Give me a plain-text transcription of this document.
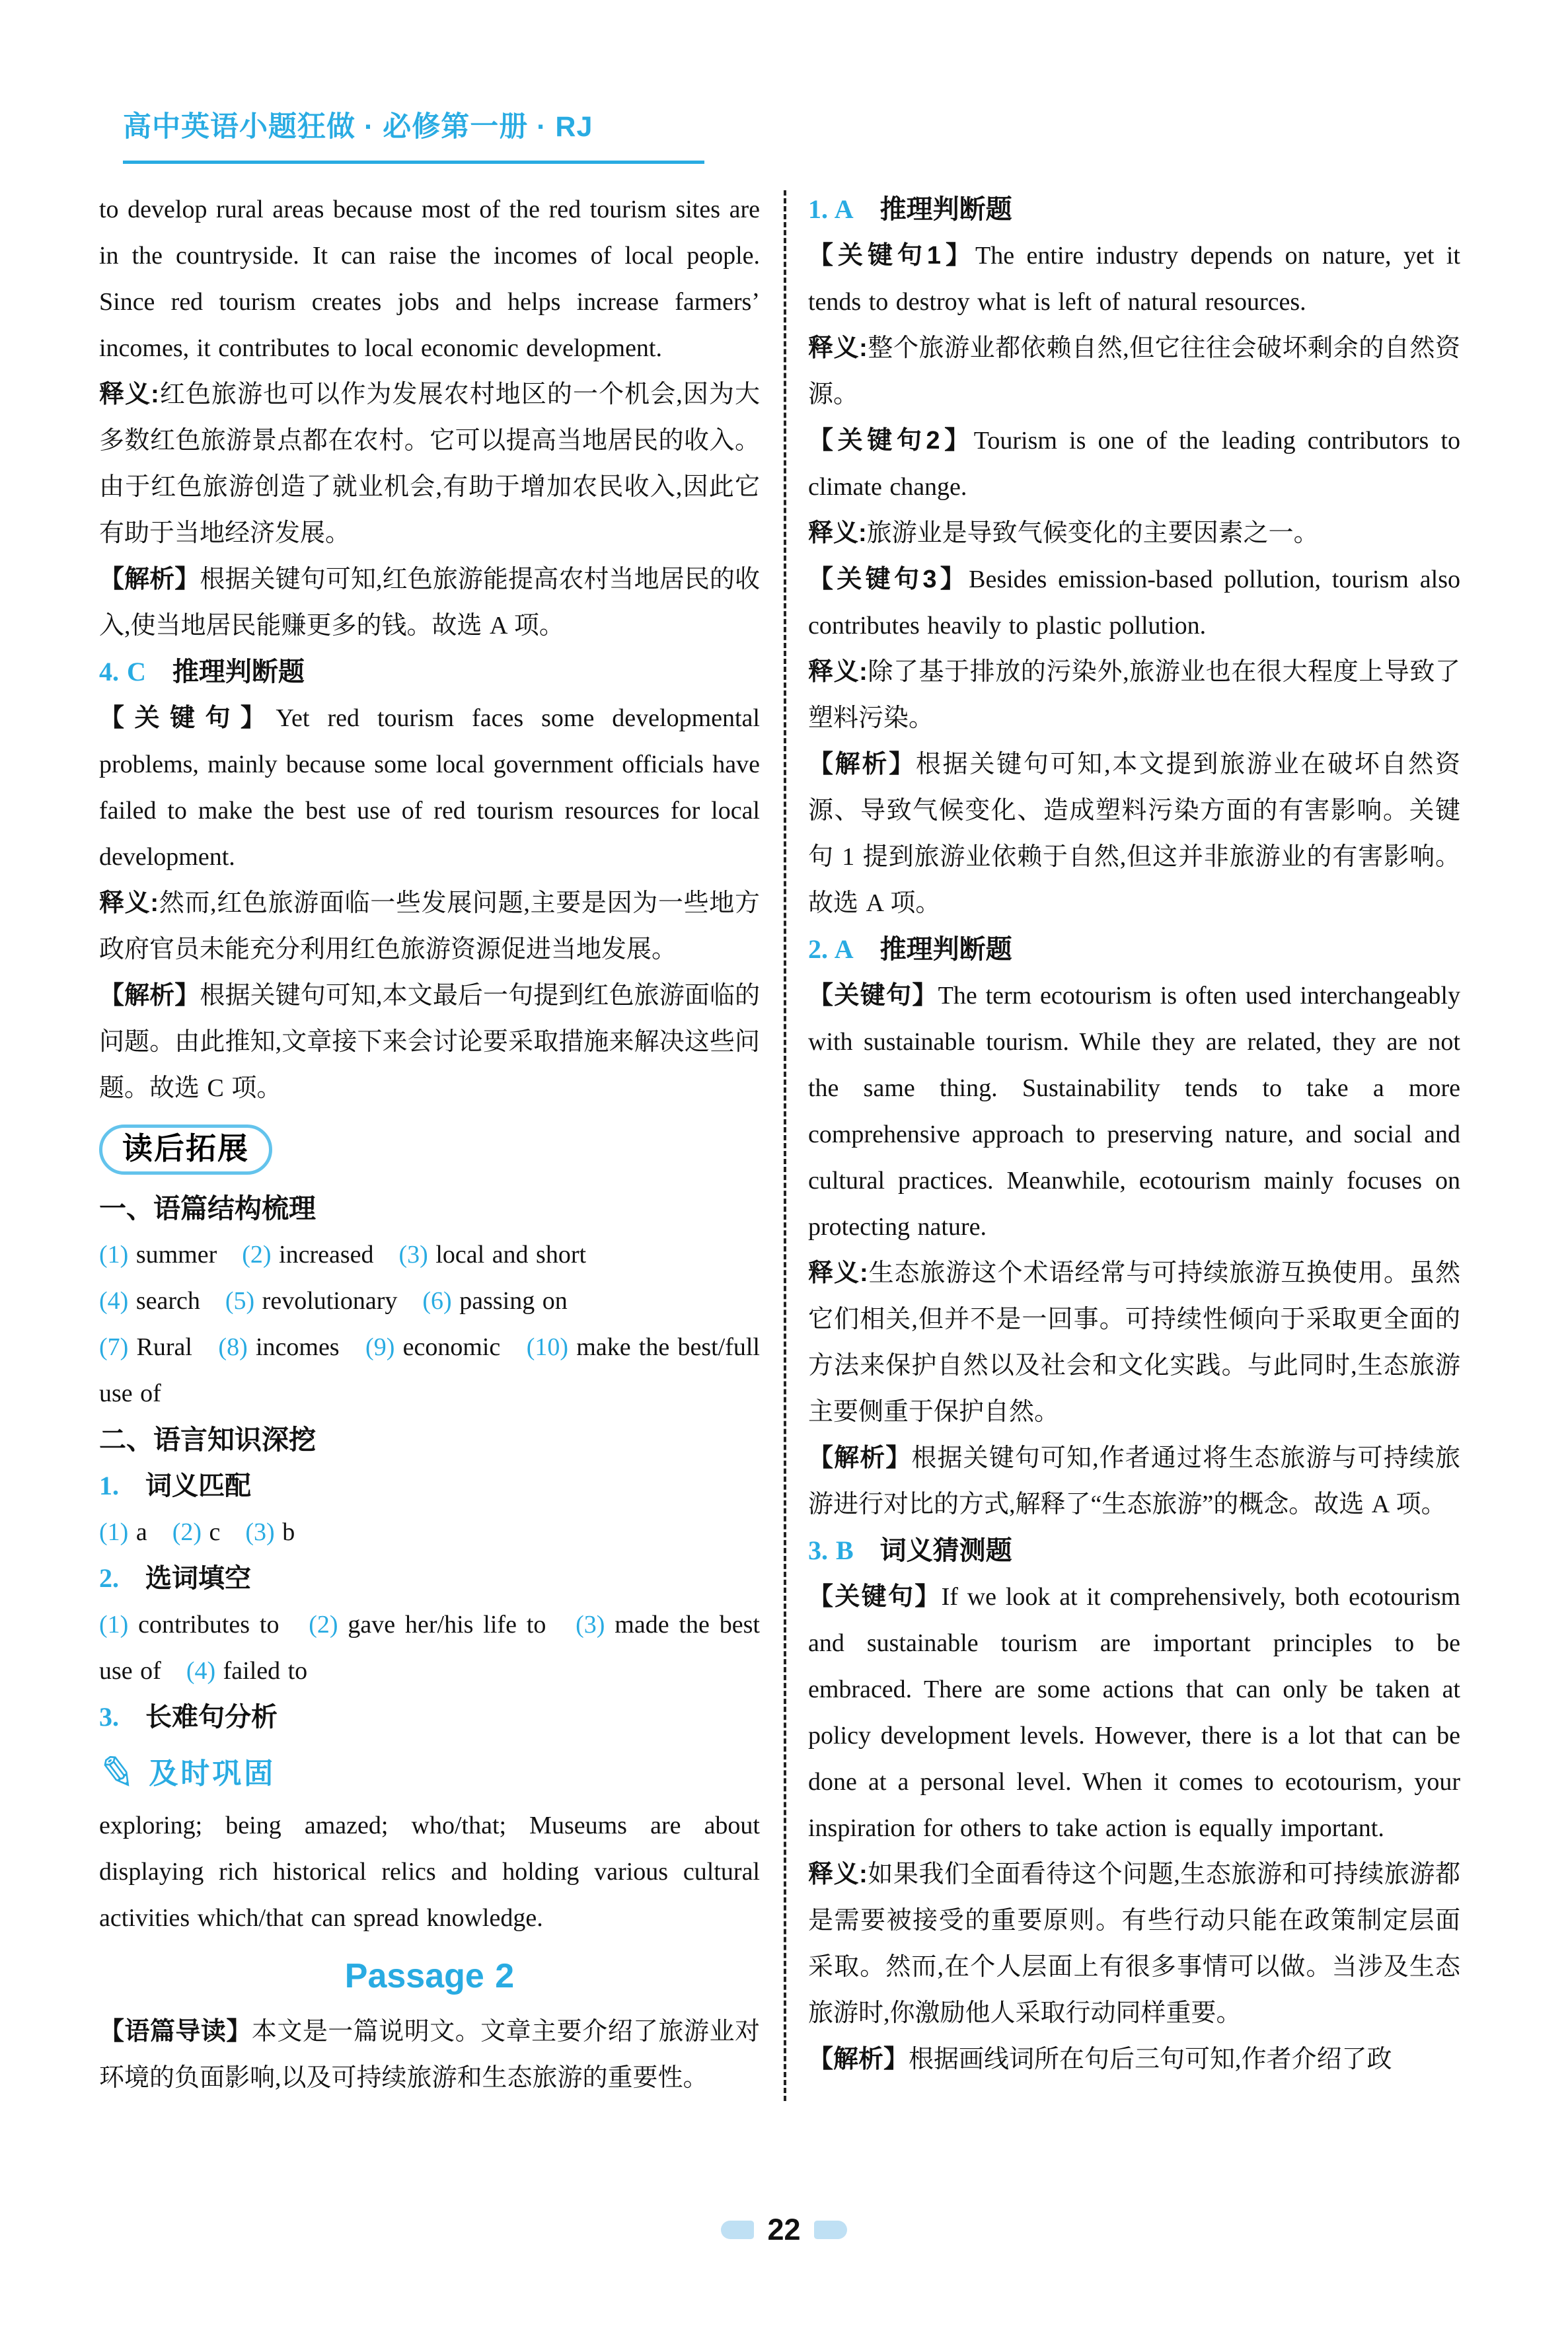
高中英语小题狂做 · 必修第一册 · RJ

to develop rural areas because most of the red tourism sites are in the countryside. It can raise the incomes of local people. Since red tourism creates jobs and helps increase farmers’ incomes, it contributes to local economic development.

释义:红色旅游也可以作为发展农村地区的一个机会,因为大多数红色旅游景点都在农村。它可以提高当地居民的收入。由于红色旅游创造了就业机会,有助于增加农民收入,因此它有助于当地经济发展。

【解析】根据关键句可知,红色旅游能提高农村当地居民的收入,使当地居民能赚更多的钱。故选 A 项。

4. C　推理判断题

【关键句】Yet red tourism faces some developmental problems, mainly because some local government officials have failed to make the best use of red tourism resources for local development.

释义:然而,红色旅游面临一些发展问题,主要是因为一些地方政府官员未能充分利用红色旅游资源促进当地发展。

【解析】根据关键句可知,本文最后一句提到红色旅游面临的问题。由此推知,文章接下来会讨论要采取措施来解决这些问题。故选 C 项。

读后拓展

一、语篇结构梳理

(1) summer　(2) increased　(3) local and short

(4) search　(5) revolutionary　(6) passing on

(7) Rural　(8) incomes　(9) economic　(10) make the best/full use of

二、语言知识深挖

1.　词义匹配

(1) a　(2) c　(3) b

2.　选词填空

(1) contributes to　(2) gave her/his life to　(3) made the best use of　(4) failed to

3.　长难句分析

✎ 及时巩固

exploring; being amazed; who/that; Museums are about displaying rich historical relics and holding various cultural activities which/that can spread knowledge.

Passage 2

【语篇导读】本文是一篇说明文。文章主要介绍了旅游业对环境的负面影响,以及可持续旅游和生态旅游的重要性。

1. A　推理判断题

【关键句1】The entire industry depends on nature, yet it tends to destroy what is left of natural resources.

释义:整个旅游业都依赖自然,但它往往会破坏剩余的自然资源。

【关键句2】Tourism is one of the leading contributors to climate change.

释义:旅游业是导致气候变化的主要因素之一。

【关键句3】Besides emission-based pollution, tourism also contributes heavily to plastic pollution.

释义:除了基于排放的污染外,旅游业也在很大程度上导致了塑料污染。

【解析】根据关键句可知,本文提到旅游业在破坏自然资源、导致气候变化、造成塑料污染方面的有害影响。关键句 1 提到旅游业依赖于自然,但这并非旅游业的有害影响。故选 A 项。

2. A　推理判断题

【关键句】The term ecotourism is often used interchangeably with sustainable tourism. While they are related, they are not the same thing. Sustainability tends to take a more comprehensive approach to preserving nature, and social and cultural practices. Meanwhile, ecotourism mainly focuses on protecting nature.

释义:生态旅游这个术语经常与可持续旅游互换使用。虽然它们相关,但并不是一回事。可持续性倾向于采取更全面的方法来保护自然以及社会和文化实践。与此同时,生态旅游主要侧重于保护自然。

【解析】根据关键句可知,作者通过将生态旅游与可持续旅游进行对比的方式,解释了“生态旅游”的概念。故选 A 项。

3. B　词义猜测题

【关键句】If we look at it comprehensively, both ecotourism and sustainable tourism are important principles to be embraced. There are some actions that can only be taken at policy development levels. However, there is a lot that can be done at a personal level. When it comes to ecotourism, your inspiration for others to take action is equally important.

释义:如果我们全面看待这个问题,生态旅游和可持续旅游都是需要被接受的重要原则。有些行动只能在政策制定层面采取。然而,在个人层面上有很多事情可以做。当涉及生态旅游时,你激励他人采取行动同样重要。

【解析】根据画线词所在句后三句可知,作者介绍了政

22
